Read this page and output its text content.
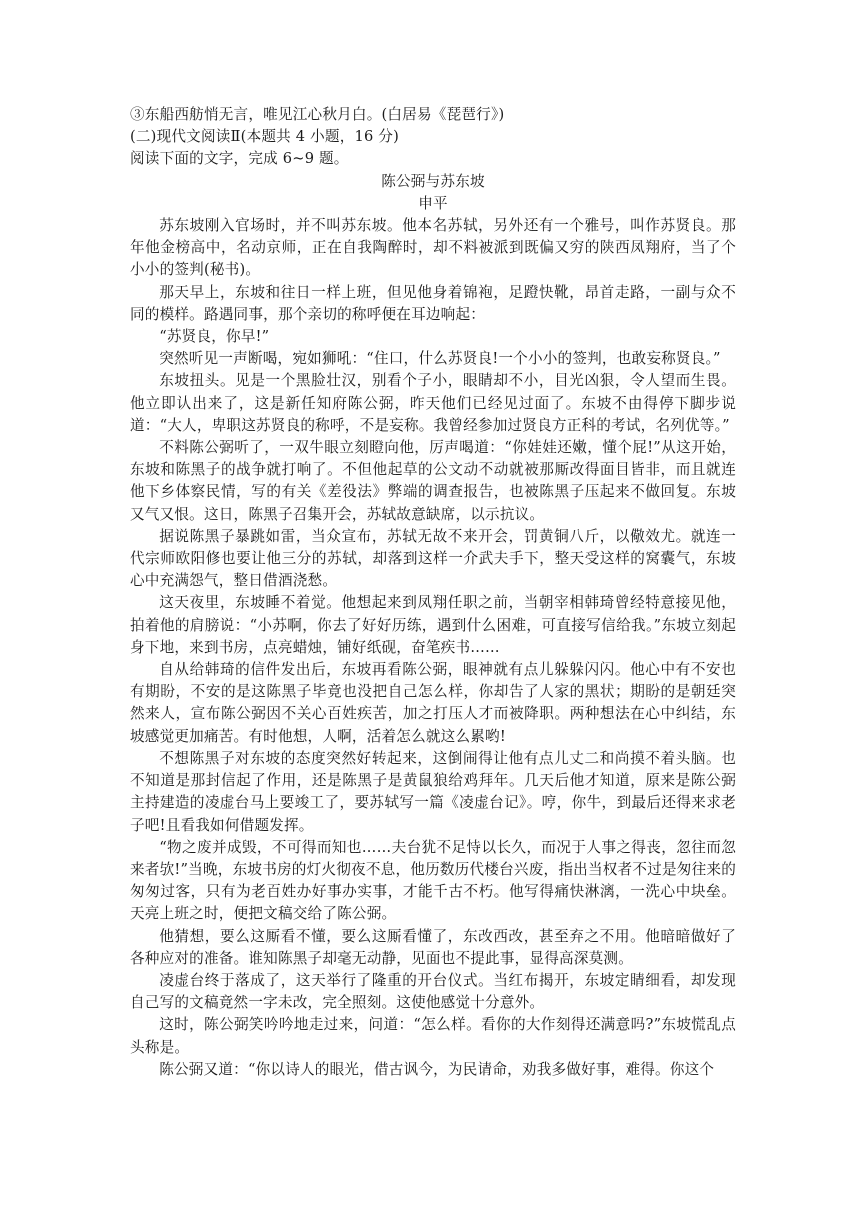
③东船西舫悄无言，唯见江心秋月白。(白居易《琵琶行》)

(二)现代文阅读Ⅱ(本题共 4 小题，16 分)

阅读下面的文字，完成 6~9 题。

陈公弼与苏东坡
申平

苏东坡刚入官场时，并不叫苏东坡。他本名苏轼，另外还有一个雅号，叫作苏贤良。那年他金榜高中，名动京师，正在自我陶醉时，却不料被派到既偏又穷的陕西凤翔府，当了个小小的签判(秘书)。

那天早上，东坡和往日一样上班，但见他身着锦袍，足蹬快靴，昂首走路，一副与众不同的模样。路遇同事，那个亲切的称呼便在耳边响起：

“苏贤良，你早!”

突然听见一声断喝，宛如狮吼：“住口，什么苏贤良!一个小小的签判，也敢妄称贤良。”

东坡扭头。见是一个黑脸壮汉，别看个子小，眼睛却不小，目光凶狠，令人望而生畏。他立即认出来了，这是新任知府陈公弼，昨天他们已经见过面了。东坡不由得停下脚步说道：“大人，卑职这苏贤良的称呼，不是妄称。我曾经参加过贤良方正科的考试，名列优等。”

不料陈公弼听了，一双牛眼立刻瞪向他，厉声喝道：“你娃娃还嫩，懂个屁!”从这开始，东坡和陈黑子的战争就打响了。不但他起草的公文动不动就被那厮改得面目皆非，而且就连他下乡体察民情，写的有关《差役法》弊端的调查报告，也被陈黑子压起来不做回复。东坡又气又恨。这日，陈黑子召集开会，苏轼故意缺席，以示抗议。

据说陈黑子暴跳如雷，当众宣布，苏轼无故不来开会，罚黄铜八斤，以儆效尤。就连一代宗师欧阳修也要让他三分的苏轼，却落到这样一介武夫手下，整天受这样的窝囊气，东坡心中充满怨气，整日借酒浇愁。

这天夜里，东坡睡不着觉。他想起来到凤翔任职之前，当朝宰相韩琦曾经特意接见他，拍着他的肩膀说：“小苏啊，你去了好好历练，遇到什么困难，可直接写信给我。”东坡立刻起身下地，来到书房，点亮蜡烛，铺好纸砚，奋笔疾书……

自从给韩琦的信件发出后，东坡再看陈公弼，眼神就有点儿躲躲闪闪。他心中有不安也有期盼，不安的是这陈黑子毕竟也没把自己怎么样，你却告了人家的黑状；期盼的是朝廷突然来人，宣布陈公弼因不关心百姓疾苦，加之打压人才而被降职。两种想法在心中纠结，东坡感觉更加痛苦。有时他想，人啊，活着怎么就这么累哟!

不想陈黑子对东坡的态度突然好转起来，这倒闹得让他有点儿丈二和尚摸不着头脑。也不知道是那封信起了作用，还是陈黑子是黄鼠狼给鸡拜年。几天后他才知道，原来是陈公弼主持建造的凌虚台马上要竣工了，要苏轼写一篇《凌虚台记》。哼，你牛，到最后还得来求老子吧!且看我如何借题发挥。

“物之废并成毁，不可得而知也……夫台犹不足恃以长久，而况于人事之得丧，忽往而忽来者欤!”当晚，东坡书房的灯火彻夜不息，他历数历代楼台兴废，指出当权者不过是匆往来的匆匆过客，只有为老百姓办好事办实事，才能千古不朽。他写得痛快淋漓，一洗心中块垒。天亮上班之时，便把文稿交给了陈公弼。

他猜想，要么这厮看不懂，要么这厮看懂了，东改西改，甚至弃之不用。他暗暗做好了各种应对的准备。谁知陈黑子却毫无动静，见面也不提此事，显得高深莫测。

凌虚台终于落成了，这天举行了隆重的开台仪式。当红布揭开，东坡定睛细看，却发现自己写的文稿竟然一字未改，完全照刻。这使他感觉十分意外。

这时，陈公弼笑吟吟地走过来，问道：“怎么样。看你的大作刻得还满意吗?”东坡慌乱点头称是。

陈公弼又道：“你以诗人的眼光，借古讽今，为民请命，劝我多做好事，难得。你这个
